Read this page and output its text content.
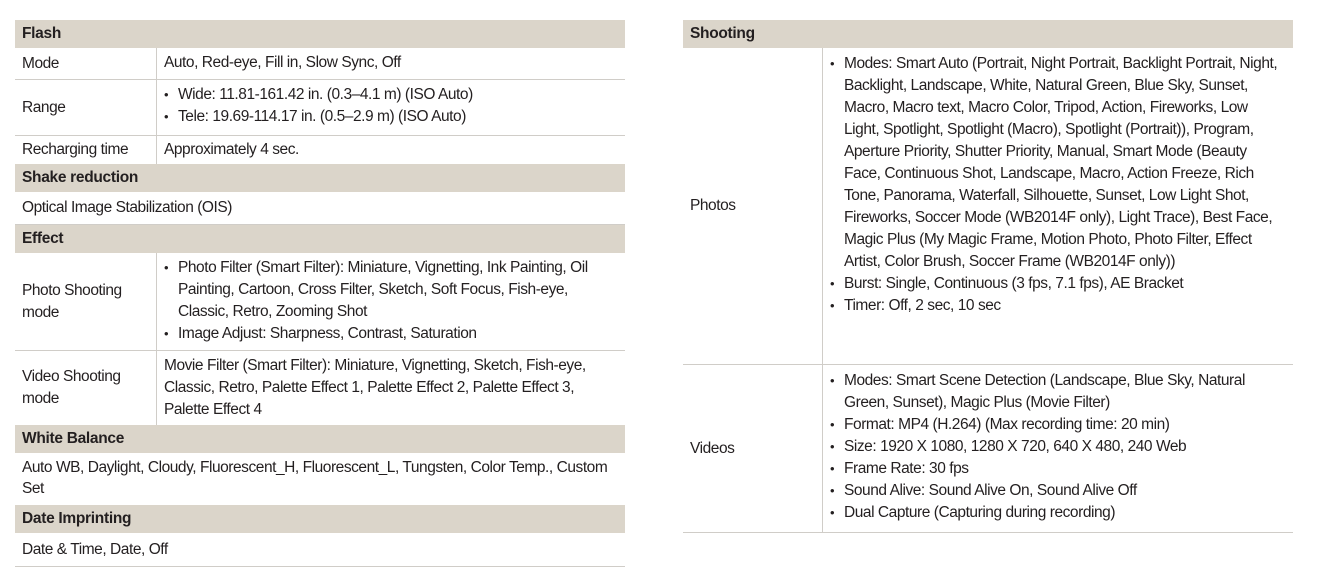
Flash
Mode	Auto, Red-eye, Fill in, Slow Sync, Off
Range
• Wide: 11.81-161.42 in. (0.3–4.1 m) (ISO Auto)
• Tele: 19.69-114.17 in. (0.5–2.9 m) (ISO Auto)
Recharging time	Approximately 4 sec.
Shake reduction
Optical Image Stabilization (OIS)
Effect
Photo Shooting mode
• Photo Filter (Smart Filter): Miniature, Vignetting, Ink Painting, Oil Painting, Cartoon, Cross Filter, Sketch, Soft Focus, Fish-eye, Classic, Retro, Zooming Shot
• Image Adjust: Sharpness, Contrast, Saturation
Video Shooting mode
Movie Filter (Smart Filter): Miniature, Vignetting, Sketch, Fish-eye, Classic, Retro, Palette Effect 1, Palette Effect 2, Palette Effect 3, Palette Effect 4
White Balance
Auto WB, Daylight, Cloudy, Fluorescent_H, Fluorescent_L, Tungsten, Color Temp., Custom Set
Date Imprinting
Date & Time, Date, Off
Shooting
Photos
• Modes: Smart Auto (Portrait, Night Portrait, Backlight Portrait, Night, Backlight, Landscape, White, Natural Green, Blue Sky, Sunset, Macro, Macro text, Macro Color, Tripod, Action, Fireworks, Low Light, Spotlight, Spotlight (Macro), Spotlight (Portrait)), Program, Aperture Priority, Shutter Priority, Manual, Smart Mode (Beauty Face, Continuous Shot, Landscape, Macro, Action Freeze, Rich Tone, Panorama, Waterfall, Silhouette, Sunset, Low Light Shot, Fireworks, Soccer Mode (WB2014F only), Light Trace), Best Face, Magic Plus (My Magic Frame, Motion Photo, Photo Filter, Effect Artist, Color Brush, Soccer Frame (WB2014F only))
• Burst: Single, Continuous (3 fps, 7.1 fps), AE Bracket
• Timer: Off, 2 sec, 10 sec
Videos
• Modes: Smart Scene Detection (Landscape, Blue Sky, Natural Green, Sunset), Magic Plus (Movie Filter)
• Format: MP4 (H.264) (Max recording time: 20 min)
• Size: 1920 X 1080, 1280 X 720, 640 X 480, 240 Web
• Frame Rate: 30 fps
• Sound Alive: Sound Alive On, Sound Alive Off
• Dual Capture (Capturing during recording)
